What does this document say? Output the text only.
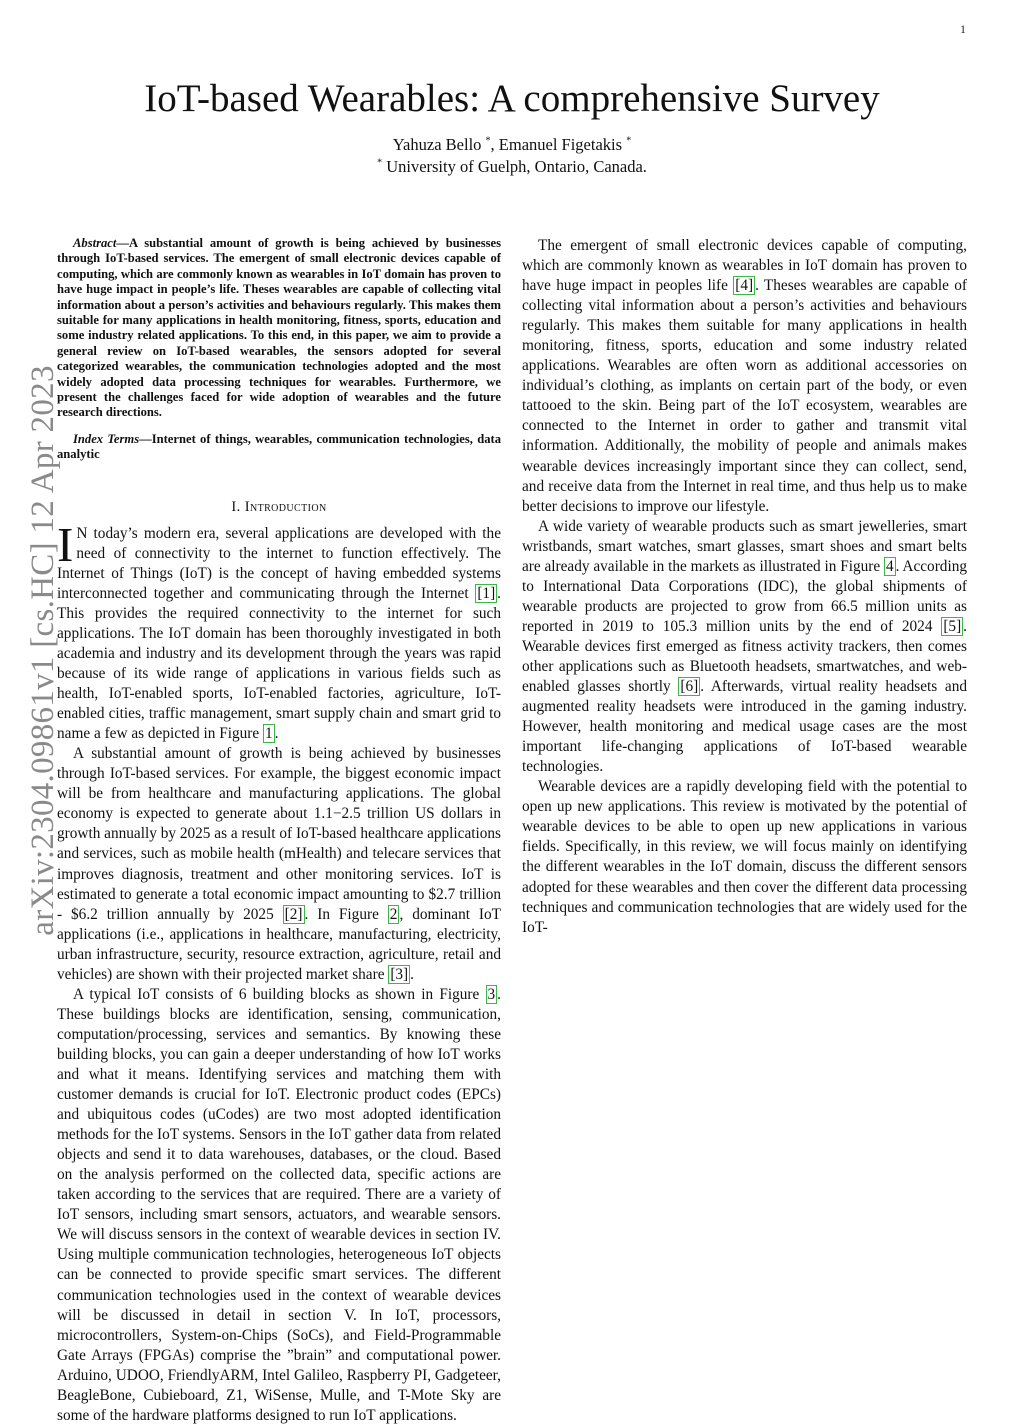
1
arXiv:2304.09861v1 [cs.HC] 12 Apr 2023
IoT-based Wearables: A comprehensive Survey
Yahuza Bello *, Emanuel Figetakis *
* University of Guelph, Ontario, Canada.

Abstract—A substantial amount of growth is being achieved by businesses through IoT-based services. The emergent of small electronic devices capable of computing, which are commonly known as wearables in IoT domain has proven to have huge impact in people’s life. Theses wearables are capable of collecting vital information about a person’s activities and behaviours regularly. This makes them suitable for many applications in health monitoring, fitness, sports, education and some industry related applications. To this end, in this paper, we aim to provide a general review on IoT-based wearables, the sensors adopted for several categorized wearables, the communication technologies adopted and the most widely adopted data processing techniques for wearables. Furthermore, we present the challenges faced for wide adoption of wearables and the future research directions.

Index Terms—Internet of things, wearables, communication technologies, data analytic

I. Introduction

I N today’s modern era, several applications are developed with the need of connectivity to the internet to function effectively. The Internet of Things (IoT) is the concept of having embedded systems interconnected together and communicating through the Internet [1] . This provides the required connectivity to the internet for such applications. The IoT domain has been thoroughly investigated in both academia and industry and its development through the years was rapid because of its wide range of applications in various fields such as health, IoT-enabled sports, IoT-enabled factories, agriculture, IoT-enabled cities, traffic management, smart supply chain and smart grid to name a few as depicted in Figure 1 .

A substantial amount of growth is being achieved by businesses through IoT-based services. For example, the biggest economic impact will be from healthcare and manufacturing applications. The global economy is expected to generate about 1.1−2.5 trillion US dollars in growth annually by 2025 as a result of IoT-based healthcare applications and services, such as mobile health (mHealth) and telecare services that improves diagnosis, treatment and other monitoring services. IoT is estimated to generate a total economic impact amounting to $2.7 trillion - $6.2 trillion annually by 2025 [2] . In Figure 2 , dominant IoT applications (i.e., applications in healthcare, manufacturing, electricity, urban infrastructure, security, resource extraction, agriculture, retail and vehicles) are shown with their projected market share [3] .

A typical IoT consists of 6 building blocks as shown in Figure 3 . These buildings blocks are identification, sensing, communication, computation/processing, services and semantics. By knowing these building blocks, you can gain a deeper understanding of how IoT works and what it means. Identifying services and matching them with customer demands is crucial for IoT. Electronic product codes (EPCs) and ubiquitous codes (uCodes) are two most adopted identification methods for the IoT systems. Sensors in the IoT gather data from related objects and send it to data warehouses, databases, or the cloud. Based on the analysis performed on the collected data, specific actions are taken according to the services that are required. There are a variety of IoT sensors, including smart sensors, actuators, and wearable sensors. We will discuss sensors in the context of wearable devices in section IV. Using multiple communication technologies, heterogeneous IoT objects can be connected to provide specific smart services. The different communication technologies used in the context of wearable devices will be discussed in detail in section V. In IoT, processors, microcontrollers, System-on-Chips (SoCs), and Field-Programmable Gate Arrays (FPGAs) comprise the ”brain” and computational power. Arduino, UDOO, FriendlyARM, Intel Galileo, Raspberry PI, Gadgeteer, BeagleBone, Cubieboard, Z1, WiSense, Mulle, and T-Mote Sky are some of the hardware platforms designed to run IoT applications.

The emergent of small electronic devices capable of computing, which are commonly known as wearables in IoT domain has proven to have huge impact in peoples life [4] . Theses wearables are capable of collecting vital information about a person’s activities and behaviours regularly. This makes them suitable for many applications in health monitoring, fitness, sports, education and some industry related applications. Wearables are often worn as additional accessories on individual’s clothing, as implants on certain part of the body, or even tattooed to the skin. Being part of the IoT ecosystem, wearables are connected to the Internet in order to gather and transmit vital information. Additionally, the mobility of people and animals makes wearable devices increasingly important since they can collect, send, and receive data from the Internet in real time, and thus help us to make better decisions to improve our lifestyle.

A wide variety of wearable products such as smart jewelleries, smart wristbands, smart watches, smart glasses, smart shoes and smart belts are already available in the markets as illustrated in Figure 4 . According to International Data Corporations (IDC), the global shipments of wearable products are projected to grow from 66.5 million units as reported in 2019 to 105.3 million units by the end of 2024 [5] . Wearable devices first emerged as fitness activity trackers, then comes other applications such as Bluetooth headsets, smartwatches, and web-enabled glasses shortly [6] . Afterwards, virtual reality headsets and augmented reality headsets were introduced in the gaming industry. However, health monitoring and medical usage cases are the most important life-changing applications of IoT-based wearable technologies.

Wearable devices are a rapidly developing field with the potential to open up new applications. This review is motivated by the potential of wearable devices to be able to open up new applications in various fields. Specifically, in this review, we will focus mainly on identifying the different wearables in the IoT domain, discuss the different sensors adopted for these wearables and then cover the different data processing techniques and communication technologies that are widely used for the IoT-
